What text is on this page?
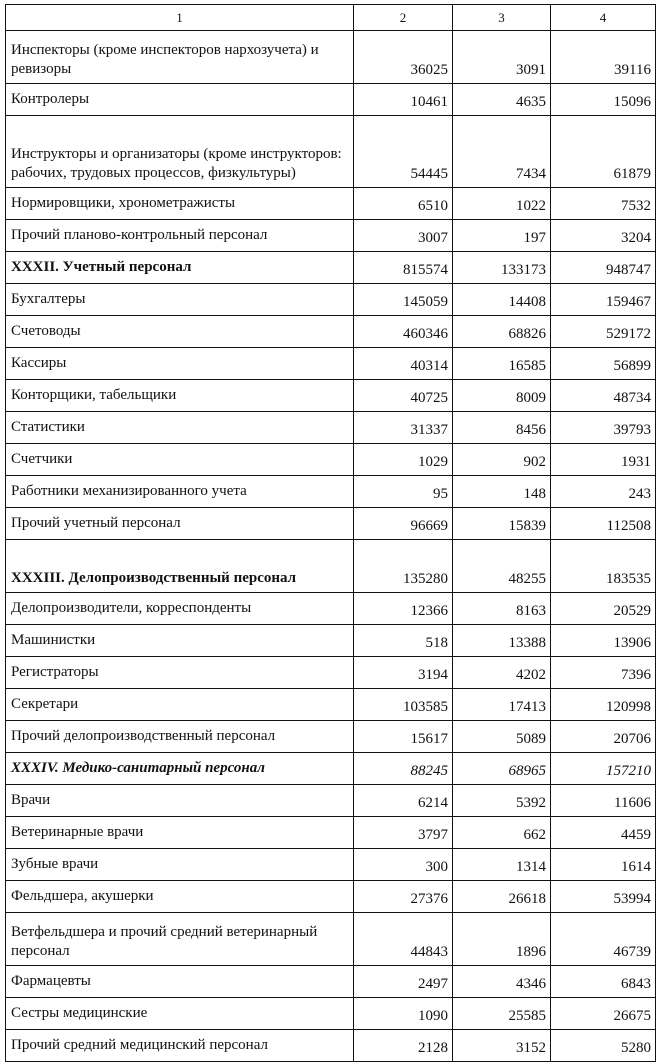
1	2	3	4
Инспекторы (кроме инспекторов нархозучета) и ревизоры	36025	3091	39116
Контролеры	10461	4635	15096
Инструкторы и организаторы (кроме инструкторов: рабочих, трудовых процессов, физкультуры)	54445	7434	61879
Нормировщики, хронометражисты	6510	1022	7532
Прочий планово-контрольный персонал	3007	197	3204
XXXII. Учетный персонал	815574	133173	948747
Бухгалтеры	145059	14408	159467
Счетоводы	460346	68826	529172
Кассиры	40314	16585	56899
Конторщики, табельщики	40725	8009	48734
Статистики	31337	8456	39793
Счетчики	1029	902	1931
Работники механизированного учета	95	148	243
Прочий учетный персонал	96669	15839	112508
XXXIII. Делопроизводственный персонал	135280	48255	183535
Делопроизводители, корреспонденты	12366	8163	20529
Машинистки	518	13388	13906
Регистраторы	3194	4202	7396
Секретари	103585	17413	120998
Прочий делопроизводственный персонал	15617	5089	20706
XXXIV. Медико-санитарный персонал	88245	68965	157210
Врачи	6214	5392	11606
Ветеринарные врачи	3797	662	4459
Зубные врачи	300	1314	1614
Фельдшера, акушерки	27376	26618	53994
Ветфельдшера и прочий средний ветеринарный персонал	44843	1896	46739
Фармацевты	2497	4346	6843
Сестры медицинские	1090	25585	26675
Прочий средний медицинский персонал	2128	3152	5280
